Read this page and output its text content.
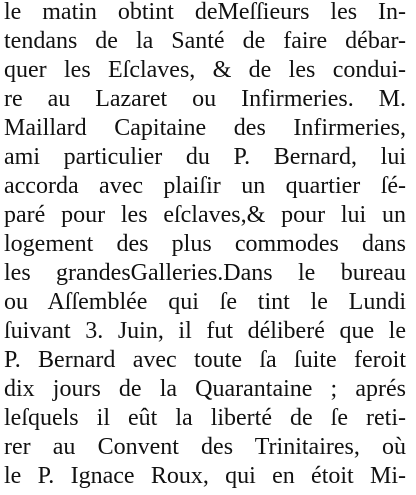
le matin obtint deMeſſieurs les In-
tendans de la Santé de faire débar-
quer les Eſclaves, & de les condui-
re au Lazaret ou Infirmeries. M.
Maillard Capitaine des Infirmeries,
ami particulier du P. Bernard, lui
accorda avec plaiſir un quartier ſé-
paré pour les eſclaves,& pour lui un
logement des plus commodes dans
les grandesGalleries.Dans le bureau
ou Aſſemblée qui ſe tint le Lundi
ſuivant 3. Juin, il fut déliberé que le
P. Bernard avec toute ſa ſuite feroit
dix jours de la Quarantaine ; aprés
leſquels il eût la liberté de ſe reti-
rer au Convent des Trinitaires, où
le P. Ignace Roux, qui en étoit Mi-
